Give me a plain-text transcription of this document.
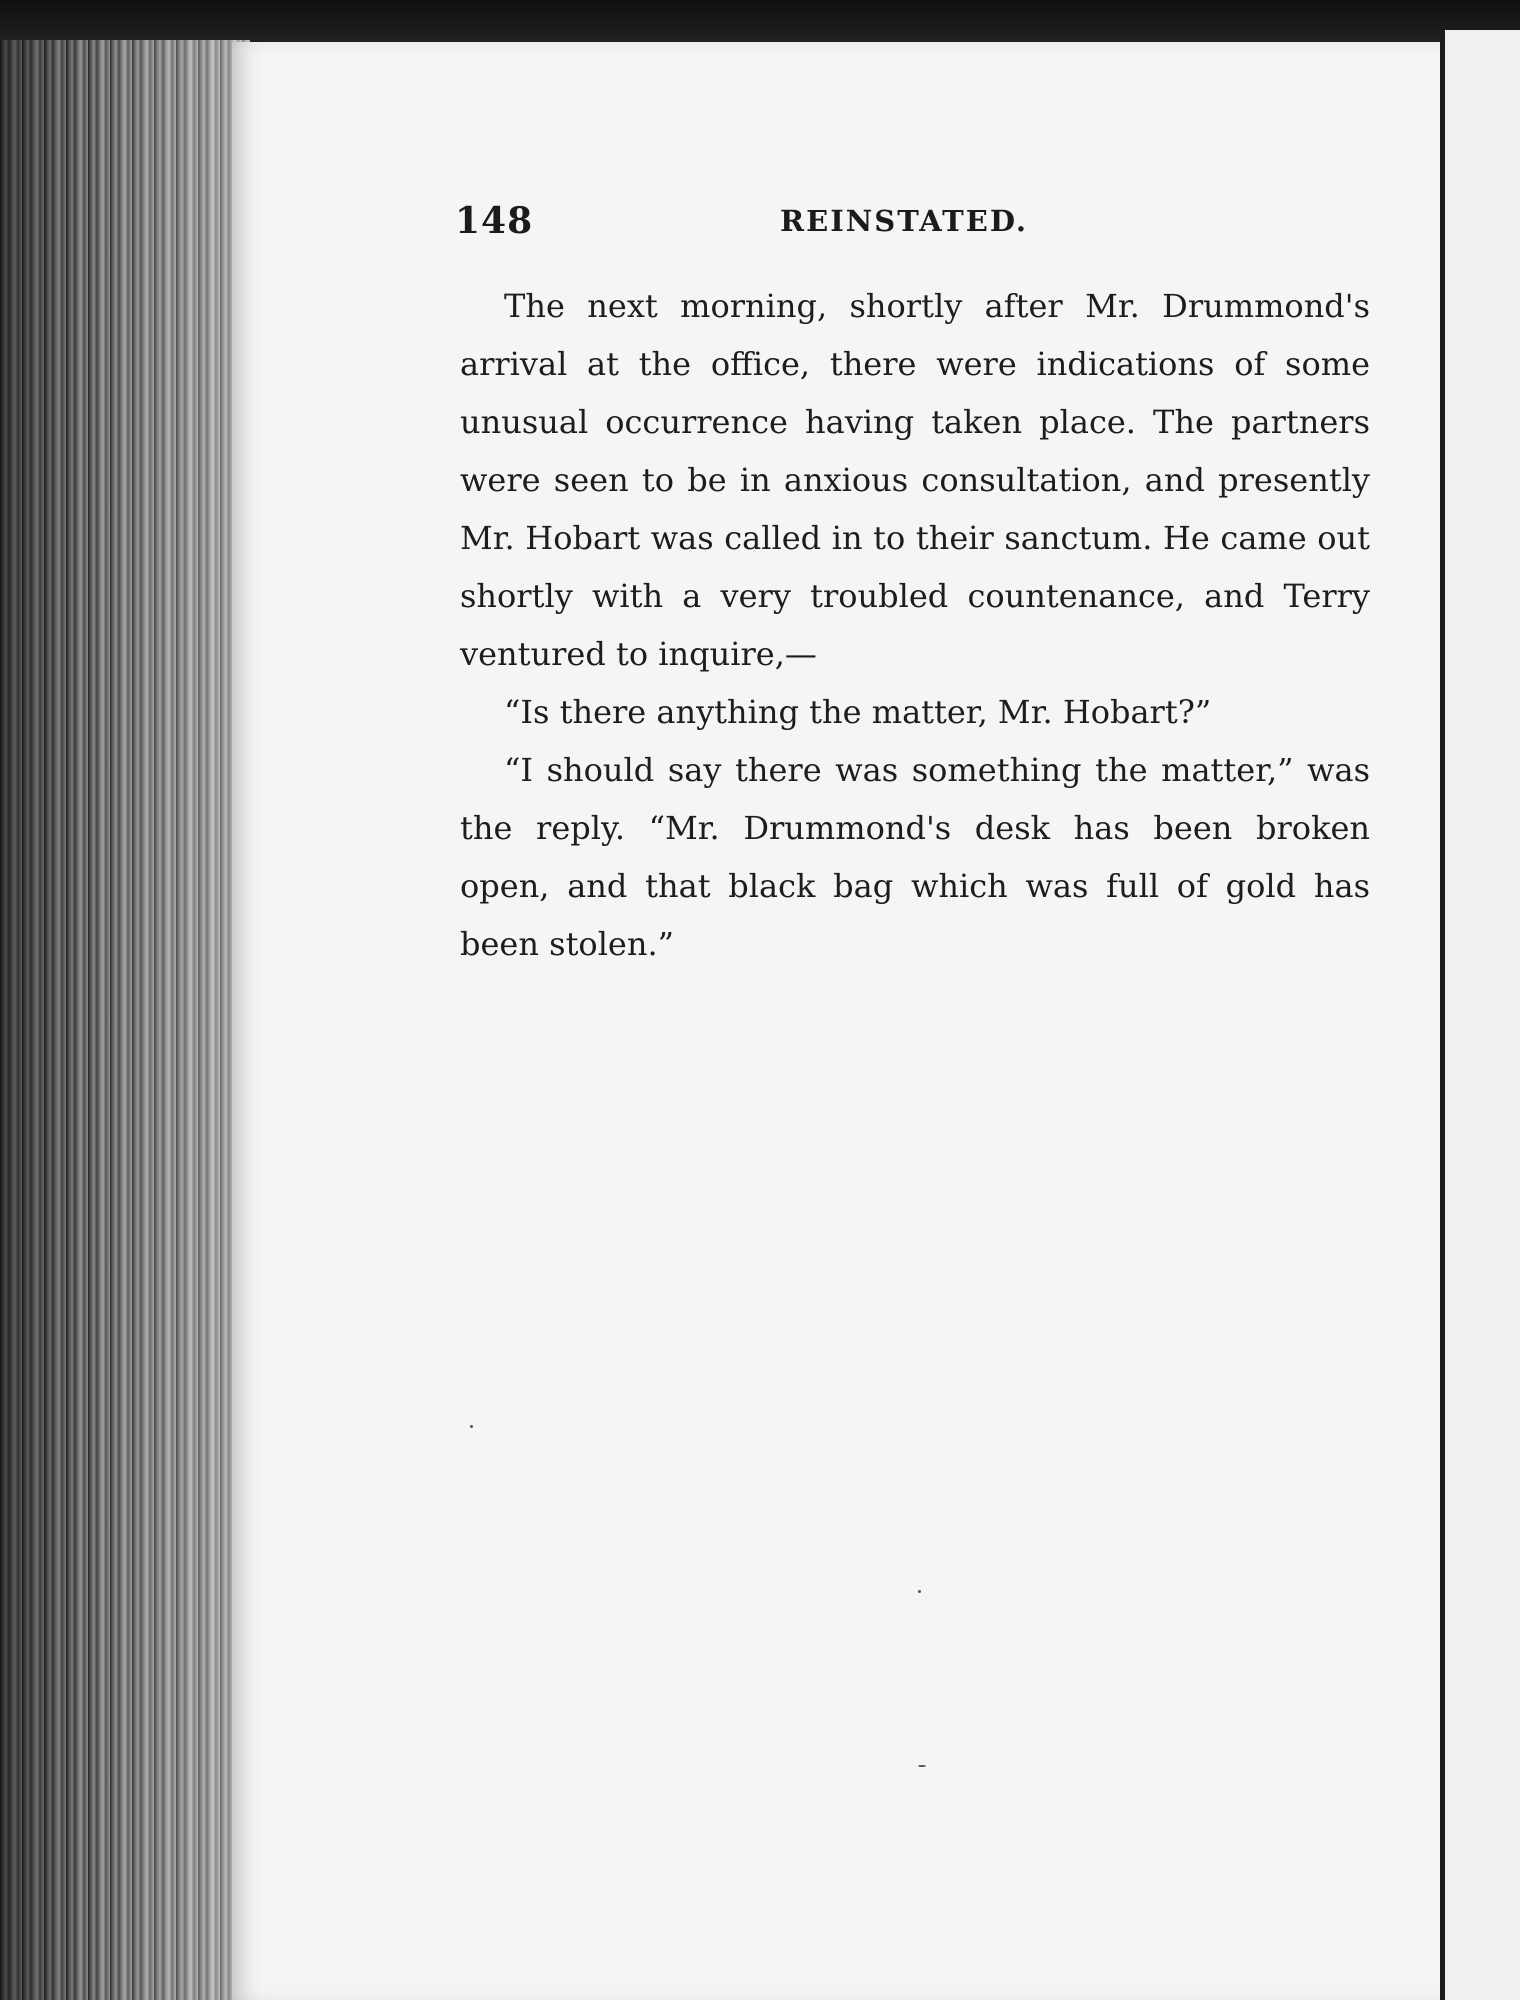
148	REINSTATED.

The next morning, shortly after Mr. Drummond's arrival at the office, there were indications of some unusual occurrence having taken place. The partners were seen to be in anxious consultation, and presently Mr. Hobart was called in to their sanctum. He came out shortly with a very troubled countenance, and Terry ventured to inquire,—

“Is there anything the matter, Mr. Hobart?”

“I should say there was something the matter,” was the reply. “Mr. Drummond's desk has been broken open, and that black bag which was full of gold has been stolen.”
